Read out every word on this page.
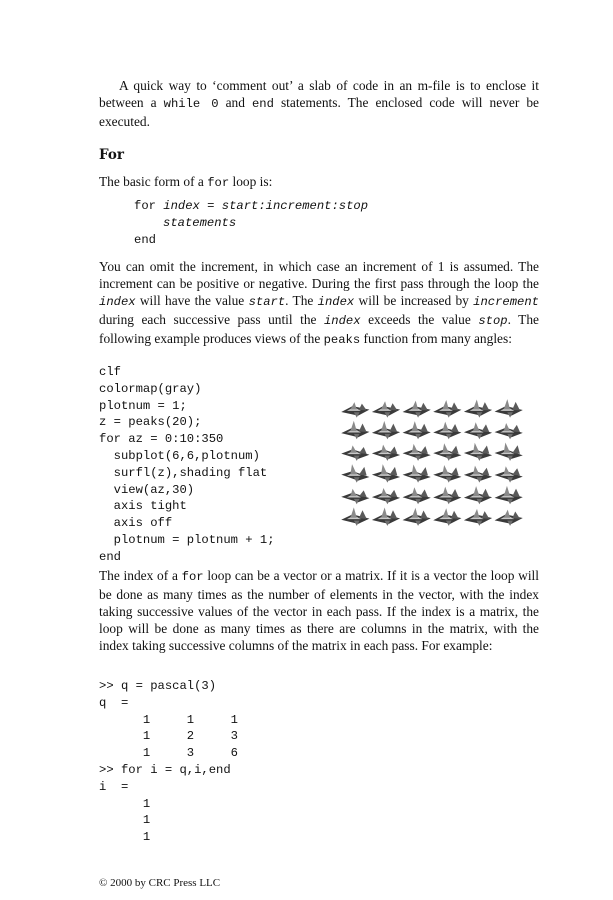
A quick way to ‘comment out’ a slab of code in an m-file is to enclose it between a while 0 and end statements. The enclosed code will never be executed.
For
The basic form of a for loop is:
for index = start:increment:stop
statements
end
You can omit the increment, in which case an increment of 1 is assumed. The increment can be positive or negative. During the first pass through the loop the index will have the value start. The index will be increased by increment during each successive pass until the index exceeds the value stop. The following example produces views of the peaks function from many angles:
clf
colormap(gray)
plotnum = 1;
z = peaks(20);
for az = 0:10:350
subplot(6,6,plotnum)
surfl(z),shading flat
view(az,30)
axis tight
axis off
plotnum = plotnum + 1;
end
The index of a for loop can be a vector or a matrix. If it is a vector the loop will be done as many times as the number of elements in the vector, with the index taking successive values of the vector in each pass. If the index is a matrix, the loop will be done as many times as there are columns in the matrix, with the index taking successive columns of the matrix in each pass. For example:
>> q = pascal(3)
q  =
1     1     1
1     2     3
1     3     6
>> for i = q,i,end
i  =
1
1
1
© 2000 by CRC Press LLC
